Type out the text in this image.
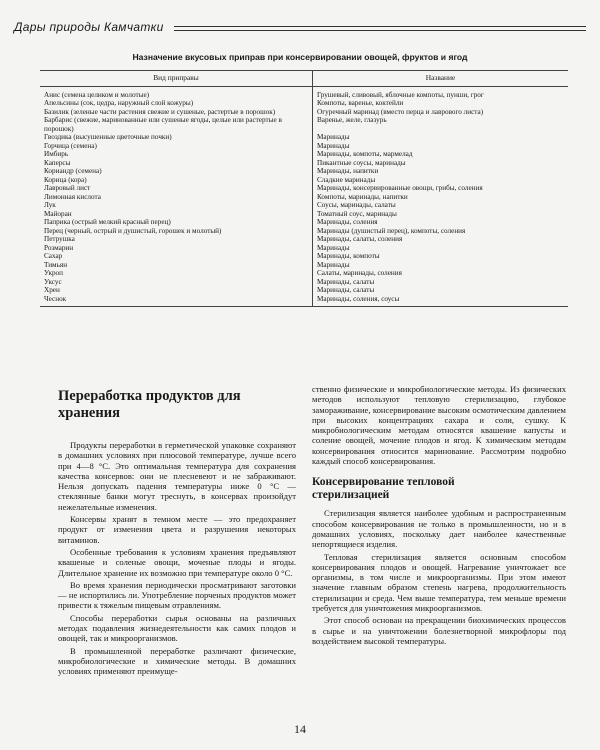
Дары природы Камчатки
Назначение вкусовых приправ при консервировании овощей, фруктов и ягод
Вид приправы	Название
Анис (семена целиком и молотые)	Грушевый, сливовый, яблочные компоты, пунши, грог
Апельсины (сок, цедра, наружный слой кожуры)	Компоты, варенье, коктейли
Базилик (зеленые части растения свежие и сушеные, растертые в порошок)	Огуречный маринад (вместо перца и лаврового листа)
Барбарис (свежие, маринованные или сушеные ягоды, целые или растертые в порошок)	Варенье, желе, глазурь
Гвоздика (высушенные цветочные почки)	Маринады
Горчица (семена)	Маринады
Имбирь	Маринады, компоты, мармелад
Каперсы	Пикантные соусы, маринады
Кориандр (семена)	Маринады, напитки
Корица (кора)	Сладкие маринады
Лавровый лист	Маринады, консервированные овощи, грибы, соления
Лимонная кислота	Компоты, маринады, напитки
Лук	Соусы, маринады, салаты
Майоран	Томатный соус, маринады
Паприка (острый мелкий красный перец)	Маринады, соления
Перец (черный, острый и душистый, горошек и молотый)	Маринады (душистый перец), компоты, соления
Петрушка	Маринады, салаты, соления
Розмарин	Маринады
Сахар	Маринады, компоты
Тимьян	Маринады
Укроп	Салаты, маринады, соления
Уксус	Маринады, салаты
Хрен	Маринады, салаты
Чеснок	Маринады, соления, соусы
Переработка продуктов для хранения

Продукты переработки в герметической упаковке сохраняют в домашних условиях при плюсовой температуре, лучше всего при 4—8 °С. Это оптимальная температура для сохранения качества консервов: они не плесневеют и не забраживают. Нельзя допускать падения температуры ниже 0 °С — стеклянные банки могут треснуть, в консервах произойдут нежелательные изменения.

Консервы хранят в темном месте — это предохраняет продукт от изменения цвета и разрушения некоторых витаминов.

Особенные требования к условиям хранения предъявляют квашеные и соленые овощи, моченые плоды и ягоды. Длительное хранение их возможно при температуре около 0 °С.

Во время хранения периодически просматривают заготовки — не испортились ли. Употребление порченых продуктов может привести к тяжелым пищевым отравлениям.

Способы переработки сырья основаны на различных методах подавления жизнедеятельности как самих плодов и овощей, так и микроорганизмов.

В промышленной переработке различают физические, микробиологические и химические методы. В домашних условиях применяют преимуще-

ственно физические и микробиологические методы. Из физических методов используют тепловую стерилизацию, глубокое замораживание, консервирование высоким осмотическим давлением при высоких концентрациях сахара и соли, сушку. К микробиологическим методам относятся квашение капусты и соление овощей, мочение плодов и ягод. К химическим методам консервирования относится маринование. Рассмотрим подробно каждый способ консервирования.

Консервирование тепловой стерилизацией

Стерилизация является наиболее удобным и распространенным способом консервирования не только в промышленности, но и в домашних условиях, поскольку дает наиболее качественные непортящиеся изделия.

Тепловая стерилизация является основным способом консервирования плодов и овощей. Нагревание уничтожает все организмы, в том числе и микроорганизмы. При этом имеют значение главным образом степень нагрева, продолжительность стерилизации и среда. Чем выше температура, тем меньше времени требуется для уничтожения микроорганизмов.

Этот способ основан на прекращении биохимических процессов в сырье и на уничтожении болезнетворной микрофлоры под воздействием высокой температуры.

14
